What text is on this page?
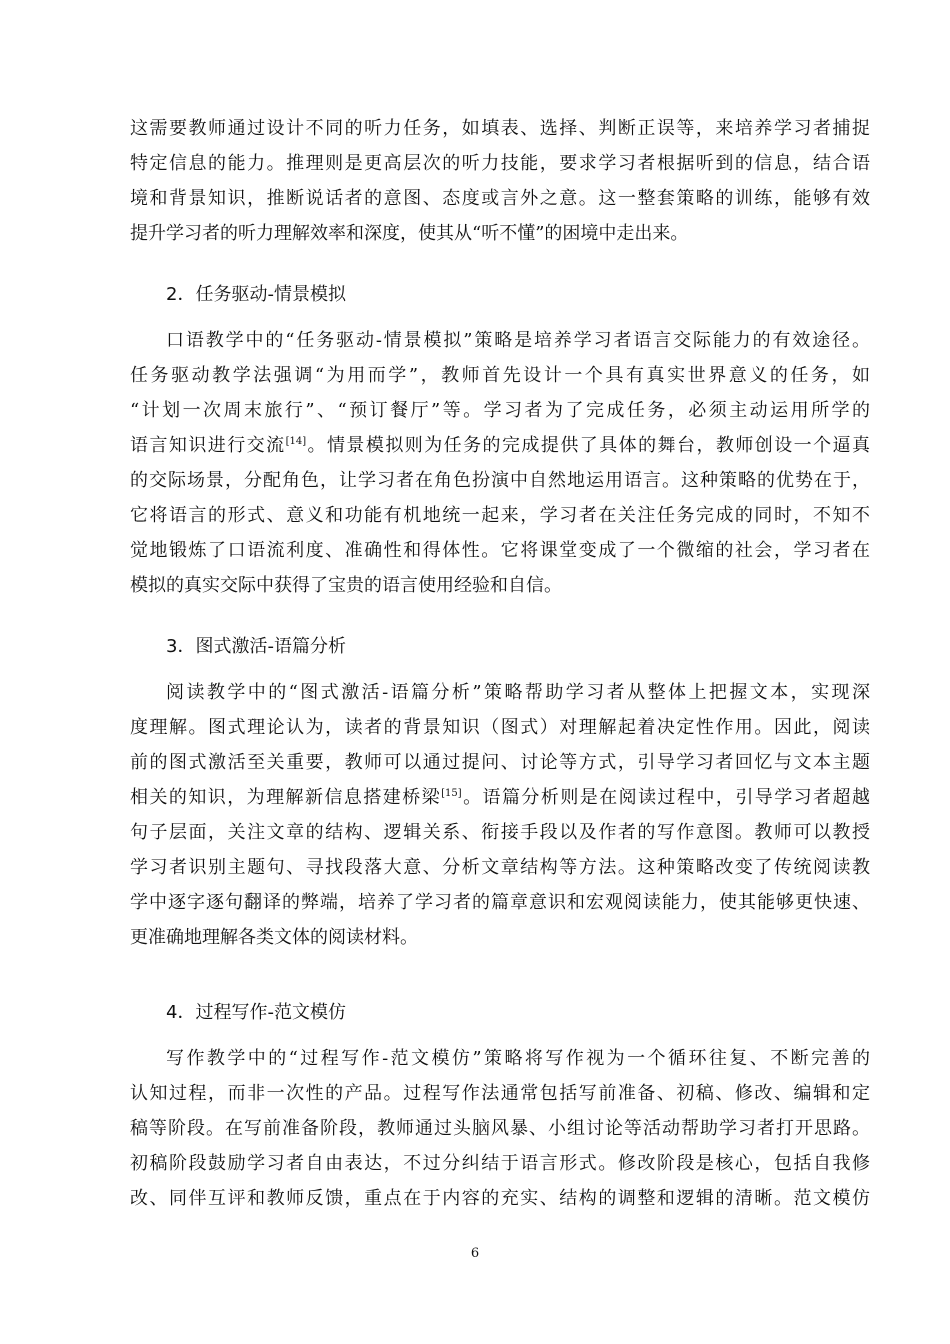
这需要教师通过设计不同的听力任务，如填表、选择、判断正误等，来培养学习者捕捉
特定信息的能力。推理则是更高层次的听力技能，要求学习者根据听到的信息，结合语
境和背景知识，推断说话者的意图、态度或言外之意。这一整套策略的训练，能够有效
提升学习者的听力理解效率和深度，使其从“听不懂”的困境中走出来。
2．任务驱动-情景模拟
口语教学中的“任务驱动-情景模拟”策略是培养学习者语言交际能力的有效途径。
任务驱动教学法强调“为用而学”，教师首先设计一个具有真实世界意义的任务，如
“计划一次周末旅行”、“预订餐厅”等。学习者为了完成任务，必须主动运用所学的
语言知识进行交流[14]。情景模拟则为任务的完成提供了具体的舞台，教师创设一个逼真
的交际场景，分配角色，让学习者在角色扮演中自然地运用语言。这种策略的优势在于，
它将语言的形式、意义和功能有机地统一起来，学习者在关注任务完成的同时，不知不
觉地锻炼了口语流利度、准确性和得体性。它将课堂变成了一个微缩的社会，学习者在
模拟的真实交际中获得了宝贵的语言使用经验和自信。
3．图式激活-语篇分析
阅读教学中的“图式激活-语篇分析”策略帮助学习者从整体上把握文本，实现深
度理解。图式理论认为，读者的背景知识（图式）对理解起着决定性作用。因此，阅读
前的图式激活至关重要，教师可以通过提问、讨论等方式，引导学习者回忆与文本主题
相关的知识，为理解新信息搭建桥梁[15]。语篇分析则是在阅读过程中，引导学习者超越
句子层面，关注文章的结构、逻辑关系、衔接手段以及作者的写作意图。教师可以教授
学习者识别主题句、寻找段落大意、分析文章结构等方法。这种策略改变了传统阅读教
学中逐字逐句翻译的弊端，培养了学习者的篇章意识和宏观阅读能力，使其能够更快速、
更准确地理解各类文体的阅读材料。
4．过程写作-范文模仿
写作教学中的“过程写作-范文模仿”策略将写作视为一个循环往复、不断完善的
认知过程，而非一次性的产品。过程写作法通常包括写前准备、初稿、修改、编辑和定
稿等阶段。在写前准备阶段，教师通过头脑风暴、小组讨论等活动帮助学习者打开思路。
初稿阶段鼓励学习者自由表达，不过分纠结于语言形式。修改阶段是核心，包括自我修
改、同伴互评和教师反馈，重点在于内容的充实、结构的调整和逻辑的清晰。范文模仿
6
